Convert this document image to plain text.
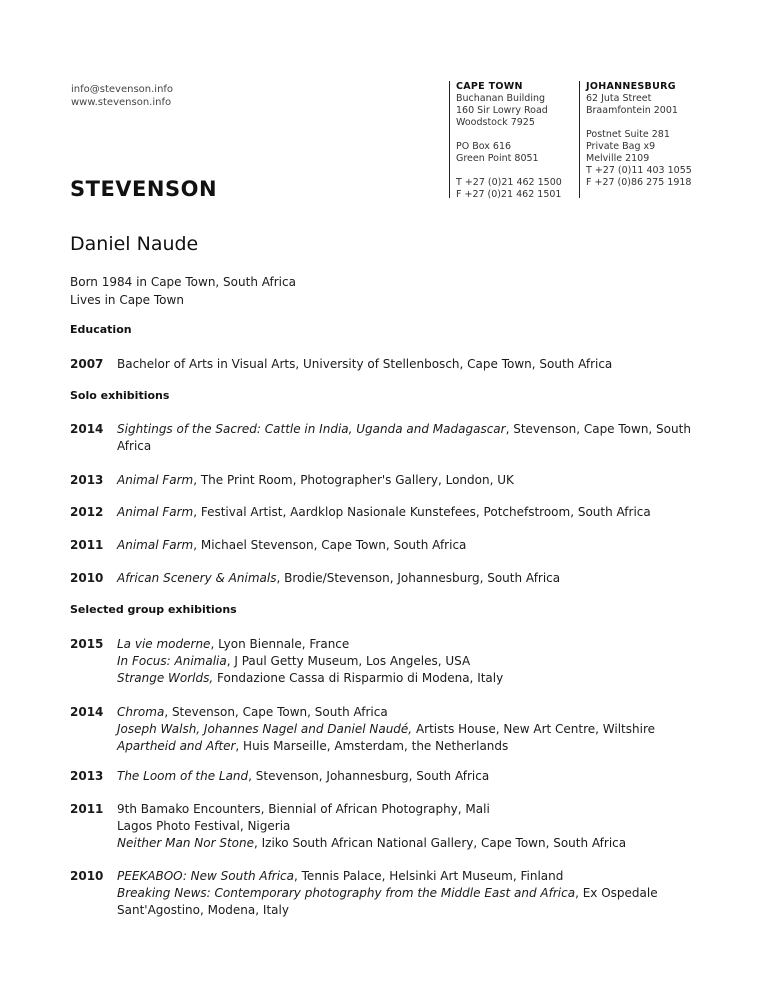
info@stevenson.info
www.stevenson.info
STEVENSON
CAPE TOWN
Buchanan Building
160 Sir Lowry Road
Woodstock 7925
PO Box 616
Green Point 8051
T +27 (0)21 462 1500
F +27 (0)21 462 1501
JOHANNESBURG
62 Juta Street
Braamfontein 2001
Postnet Suite 281
Private Bag x9
Melville 2109
T +27 (0)11 403 1055
F +27 (0)86 275 1918
Daniel Naude
Born 1984 in Cape Town, South Africa
Lives in Cape Town
Education
2007 Bachelor of Arts in Visual Arts, University of Stellenbosch, Cape Town, South Africa
Solo exhibitions
2014 Sightings of the Sacred: Cattle in India, Uganda and Madagascar, Stevenson, Cape Town, South Africa
2013 Animal Farm, The Print Room, Photographer's Gallery, London, UK
2012 Animal Farm, Festival Artist, Aardklop Nasionale Kunstefees, Potchefstroom, South Africa
2011 Animal Farm, Michael Stevenson, Cape Town, South Africa
2010 African Scenery & Animals, Brodie/Stevenson, Johannesburg, South Africa
Selected group exhibitions
2015 La vie moderne, Lyon Biennale, France
In Focus: Animalia, J Paul Getty Museum, Los Angeles, USA
Strange Worlds, Fondazione Cassa di Risparmio di Modena, Italy
2014 Chroma, Stevenson, Cape Town, South Africa
Joseph Walsh, Johannes Nagel and Daniel Naudé, Artists House, New Art Centre, Wiltshire
Apartheid and After, Huis Marseille, Amsterdam, the Netherlands
2013 The Loom of the Land, Stevenson, Johannesburg, South Africa
2011 9th Bamako Encounters, Biennial of African Photography, Mali
Lagos Photo Festival, Nigeria
Neither Man Nor Stone, Iziko South African National Gallery, Cape Town, South Africa
2010 PEEKABOO: New South Africa, Tennis Palace, Helsinki Art Museum, Finland
Breaking News: Contemporary photography from the Middle East and Africa, Ex Ospedale Sant'Agostino, Modena, Italy
